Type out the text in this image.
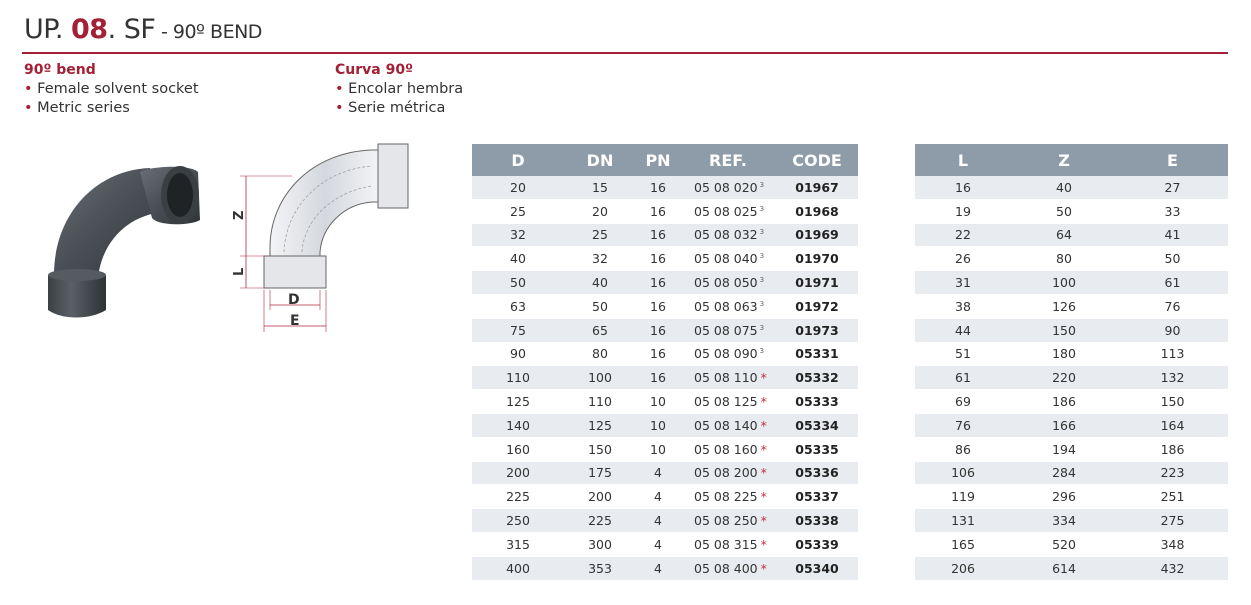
UP. 08. SF - 90º BEND
90º bend
• Female solvent socket
• Metric series
Curva 90º
• Encolar hembra
• Serie métrica
Z
L
D
E
D	DN	PN	REF.	CODE
20	15	16	05 08 020 $^3$	01967
25	20	16	05 08 025 $^3$	01968
32	25	16	05 08 032 $^3$	01969
40	32	16	05 08 040 $^3$	01970
50	40	16	05 08 050 $^3$	01971
63	50	16	05 08 063 $^3$	01972
75	65	16	05 08 075 $^3$	01973
90	80	16	05 08 090 $^3$	05331
110	100	16	05 08 110 *	05332
125	110	10	05 08 125 *	05333
140	125	10	05 08 140 *	05334
160	150	10	05 08 160 *	05335
200	175	4	05 08 200 *	05336
225	200	4	05 08 225 *	05337
250	225	4	05 08 250 *	05338
315	300	4	05 08 315 *	05339
400	353	4	05 08 400 *	05340
L	Z	E
16	40	27
19	50	33
22	64	41
26	80	50
31	100	61
38	126	76
44	150	90
51	180	113
61	220	132
69	186	150
76	166	164
86	194	186
106	284	223
119	296	251
131	334	275
165	520	348
206	614	432
